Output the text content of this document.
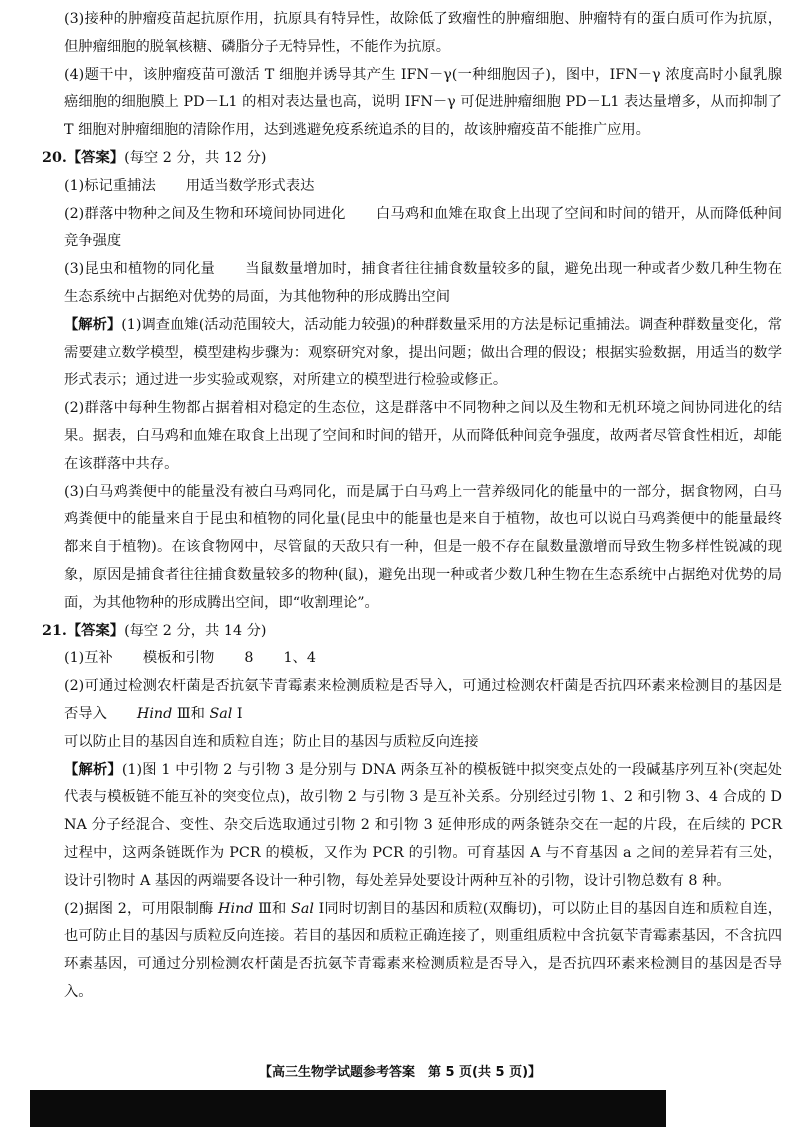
(3)接种的肿瘤疫苗起抗原作用，抗原具有特异性，故除低了致瘤性的肿瘤细胞、肿瘤特有的蛋白质可作为抗原，但肿瘤细胞的脱氧核糖、磷脂分子无特异性，不能作为抗原。

(4)题干中，该肿瘤疫苗可激活 T 细胞并诱导其产生 IFN－γ(一种细胞因子)，图中，IFN－γ 浓度高时小鼠乳腺癌细胞的细胞膜上 PD－L1 的相对表达量也高，说明 IFN－γ 可促进肿瘤细胞 PD－L1 表达量增多，从而抑制了 T 细胞对肿瘤细胞的清除作用，达到逃避免疫系统追杀的目的，故该肿瘤疫苗不能推广应用。

20.【答案】(每空 2 分，共 12 分)

(1)标记重捕法 用适当数学形式表达

(2)群落中物种之间及生物和环境间协同进化 白马鸡和血雉在取食上出现了空间和时间的错开，从而降低种间竞争强度

(3)昆虫和植物的同化量 当鼠数量增加时，捕食者往往捕食数量较多的鼠，避免出现一种或者少数几种生物在生态系统中占据绝对优势的局面，为其他物种的形成腾出空间

【解析】(1)调查血雉(活动范围较大，活动能力较强)的种群数量采用的方法是标记重捕法。调查种群数量变化，常需要建立数学模型，模型建构步骤为：观察研究对象，提出问题；做出合理的假设；根据实验数据，用适当的数学形式表示；通过进一步实验或观察，对所建立的模型进行检验或修正。

(2)群落中每种生物都占据着相对稳定的生态位，这是群落中不同物种之间以及生物和无机环境之间协同进化的结果。据表，白马鸡和血雉在取食上出现了空间和时间的错开，从而降低种间竞争强度，故两者尽管食性相近，却能在该群落中共存。

(3)白马鸡粪便中的能量没有被白马鸡同化，而是属于白马鸡上一营养级同化的能量中的一部分，据食物网，白马鸡粪便中的能量来自于昆虫和植物的同化量(昆虫中的能量也是来自于植物，故也可以说白马鸡粪便中的能量最终都来自于植物)。在该食物网中，尽管鼠的天敌只有一种，但是一般不存在鼠数量激增而导致生物多样性锐减的现象，原因是捕食者往往捕食数量较多的物种(鼠)，避免出现一种或者少数几种生物在生态系统中占据绝对优势的局面，为其他物种的形成腾出空间，即“收割理论”。

21.【答案】(每空 2 分，共 14 分)

(1)互补 模板和引物 8 1、4

(2)可通过检测农杆菌是否抗氨苄青霉素来检测质粒是否导入，可通过检测农杆菌是否抗四环素来检测目的基因是否导入 Hind Ⅲ和 Sal Ⅰ

可以防止目的基因自连和质粒自连；防止目的基因与质粒反向连接

【解析】(1)图 1 中引物 2 与引物 3 是分别与 DNA 两条互补的模板链中拟突变点处的一段碱基序列互补(突起处代表与模板链不能互补的突变位点)，故引物 2 与引物 3 是互补关系。分别经过引物 1、2 和引物 3、4 合成的 DNA 分子经混合、变性、杂交后选取通过引物 2 和引物 3 延伸形成的两条链杂交在一起的片段，在后续的 PCR 过程中，这两条链既作为 PCR 的模板，又作为 PCR 的引物。可育基因 A 与不育基因 a 之间的差异若有三处，设计引物时 A 基因的两端要各设计一种引物，每处差异处要设计两种互补的引物，设计引物总数有 8 种。

(2)据图 2，可用限制酶 Hind Ⅲ和 Sal Ⅰ同时切割目的基因和质粒(双酶切)，可以防止目的基因自连和质粒自连，也可防止目的基因与质粒反向连接。若目的基因和质粒正确连接了，则重组质粒中含抗氨苄青霉素基因，不含抗四环素基因，可通过分别检测农杆菌是否抗氨苄青霉素来检测质粒是否导入，是否抗四环素来检测目的基因是否导入。

【高三生物学试题参考答案　第 5 页(共 5 页)】
